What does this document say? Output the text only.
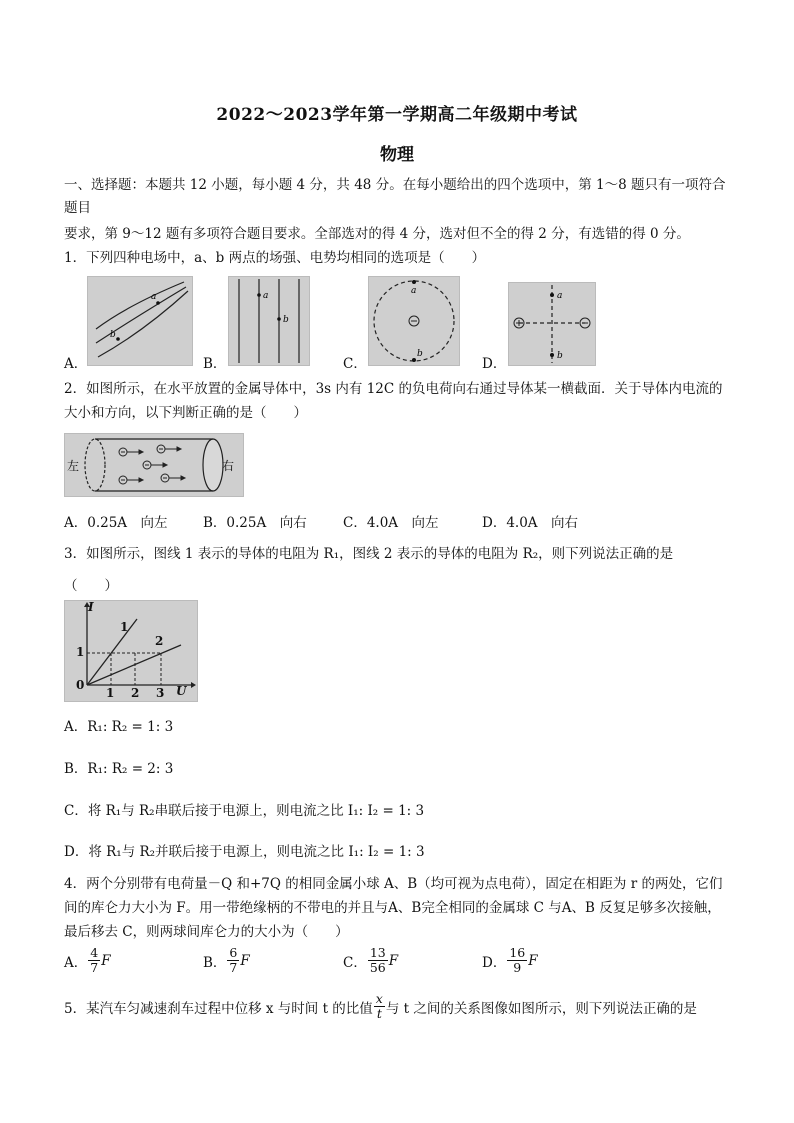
2022～2023学年第一学期高二年级期中考试
物理
一、选择题：本题共 12 小题，每小题 4 分，共 48 分。在每小题给出的四个选项中，第 1～8 题只有一项符合
题目
要求，第 9～12 题有多项符合题目要求。全部选对的得 4 分，选对但不全的得 2 分，有选错的得 0 分。
1．下列四种电场中，a、b 两点的场强、电势均相同的选项是（　　）
A．
a
b
B．
a
b
C．
a
b
D．
a
b
2．如图所示，在水平放置的金属导体中，3s 内有 12C 的负电荷向右通过导体某一横截面．关于导体内电流的
大小和方向，以下判断正确的是（　　）
左	右
A．0.25A　向左	B．0.25A　向右	C．4.0A　向左	D．4.0A　向右
3．如图所示，图线 1 表示的导体的电阻为 R₁，图线 2 表示的导体的电阻为 R₂，则下列说法正确的是
（　　）
I
U
0
1
1 2 3
1
2
A．R₁: R₂ = 1: 3
B．R₁: R₂ = 2: 3
C．将 R₁与 R₂串联后接于电源上，则电流之比 I₁: I₂ = 1: 3
D．将 R₁与 R₂并联后接于电源上，则电流之比 I₁: I₂ = 1: 3
4．两个分别带有电荷量－Q 和+7Q 的相同金属小球 A、B（均可视为点电荷），固定在相距为 r 的两处，它们
间的库仑力大小为 F。用一带绝缘柄的不带电的并且与A、B完全相同的金属球 C 与A、B 反复足够多次接触，
最后移去 C，则两球间库仑力的大小为（　　）
A． $\frac{4}{7}$ F	B． $\frac{6}{7}$ F	C． $\frac{13}{56}$ F	D． $\frac{16}{9}$ F
5．某汽车匀减速刹车过程中位移 x 与时间 t 的比值 $\frac{x}{t}$ 与 t 之间的关系图像如图所示，则下列说法正确的是
